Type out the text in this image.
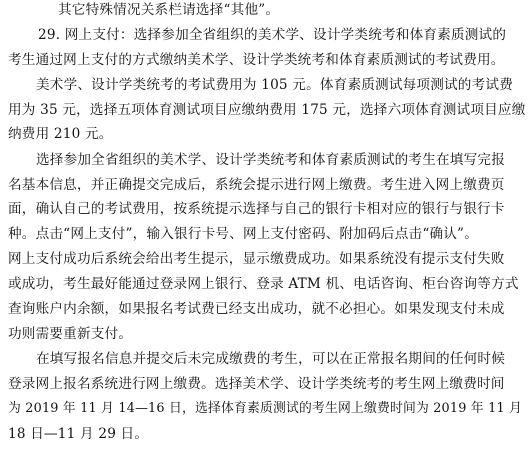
其它特殊情况关系栏请选择“其他”。
29. 网上支付：选择参加全省组织的美术学、设计学类统考和体育素质测试的
考生通过网上支付的方式缴纳美术学、设计学类统考和体育素质测试的考试费用。
美术学、设计学类统考的考试费用为 105 元。体育素质测试每项测试的考试费
用为 35 元，选择五项体育测试项目应缴纳费用 175 元，选择六项体育测试项目应缴
纳费用 210 元。
选择参加全省组织的美术学、设计学类统考和体育素质测试的考生在填写完报
名基本信息，并正确提交完成后，系统会提示进行网上缴费。考生进入网上缴费页
面，确认自己的考试费用，按系统提示选择与自己的银行卡相对应的银行与银行卡
种。点击“网上支付”，输入银行卡号、网上支付密码、附加码后点击“确认”。
网上支付成功后系统会给出考生提示，显示缴费成功。如果系统没有提示支付失败
或成功，考生最好能通过登录网上银行、登录 ATM 机、电话咨询、柜台咨询等方式
查询账户内余额，如果报名考试费已经支出成功，就不必担心。如果发现支付未成
功则需要重新支付。
在填写报名信息并提交后未完成缴费的考生，可以在正常报名期间的任何时候
登录网上报名系统进行网上缴费。选择美术学、设计学类统考的考生网上缴费时间
为 2019 年 11 月 14—16 日，选择体育素质测试的考生网上缴费时间为 2019 年 11 月
18 日—11 月 29 日。
